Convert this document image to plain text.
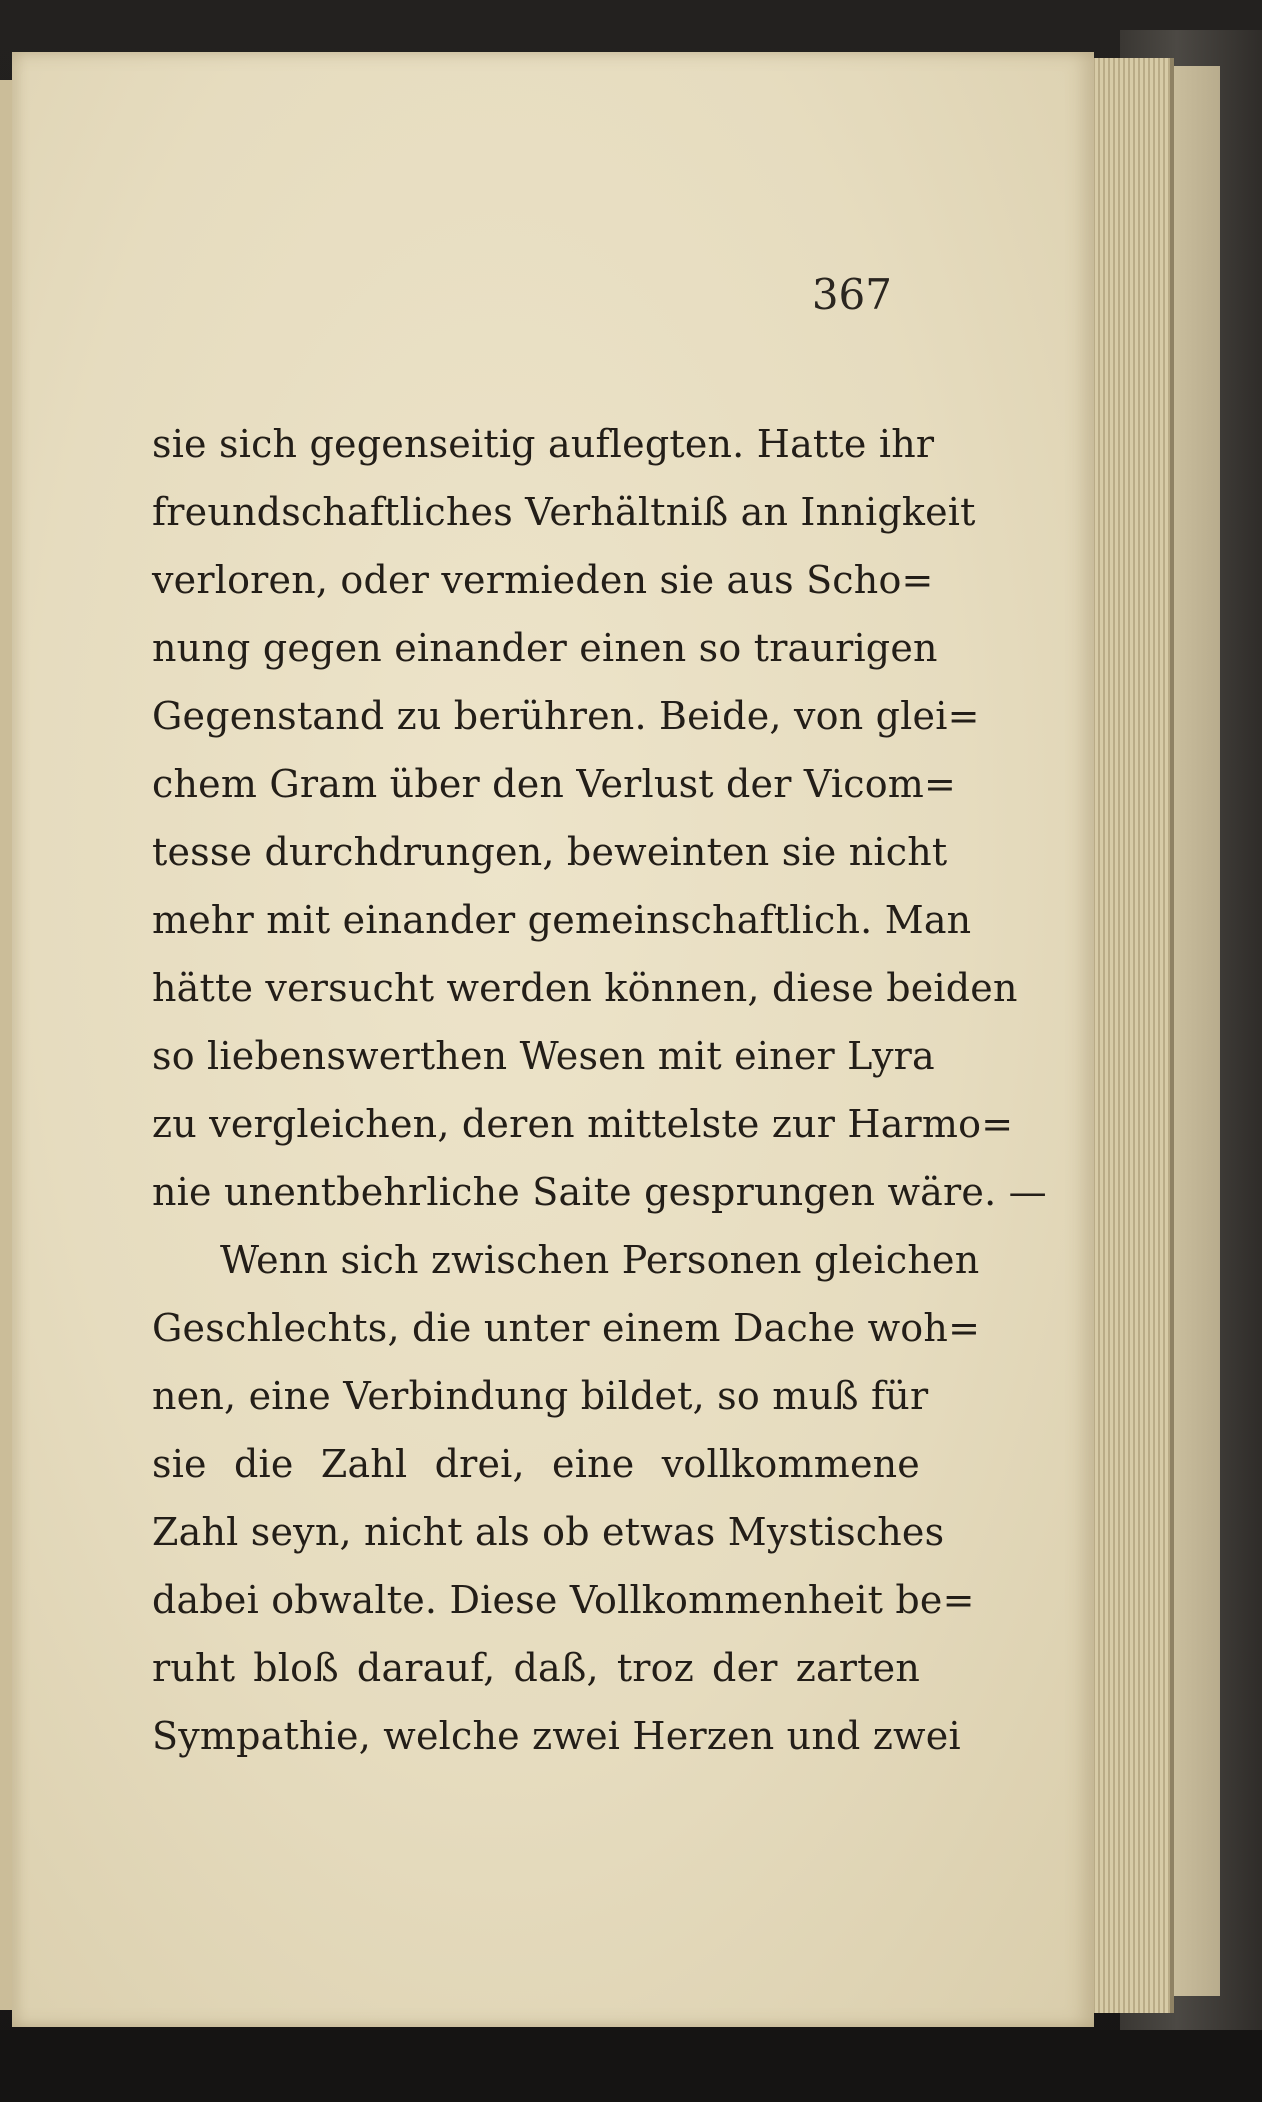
367
sie sich gegenseitig auflegten. Hatte ihr
freundschaftliches Verhältniß an Innigkeit
verloren, oder vermieden sie aus Scho=
nung gegen einander einen so traurigen
Gegenstand zu berühren. Beide, von glei=
chem Gram über den Verlust der Vicom=
tesse durchdrungen, beweinten sie nicht
mehr mit einander gemeinschaftlich. Man
hätte versucht werden können, diese beiden
so liebenswerthen Wesen mit einer Lyra
zu vergleichen, deren mittelste zur Harmo=
nie unentbehrliche Saite gesprungen wäre. —
Wenn sich zwischen Personen gleichen
Geschlechts, die unter einem Dache woh=
nen, eine Verbindung bildet, so muß für
sie die Zahl drei, eine vollkommene
Zahl seyn, nicht als ob etwas Mystisches
dabei obwalte. Diese Vollkommenheit be=
ruht bloß darauf, daß, troz der zarten
Sympathie, welche zwei Herzen und zwei
